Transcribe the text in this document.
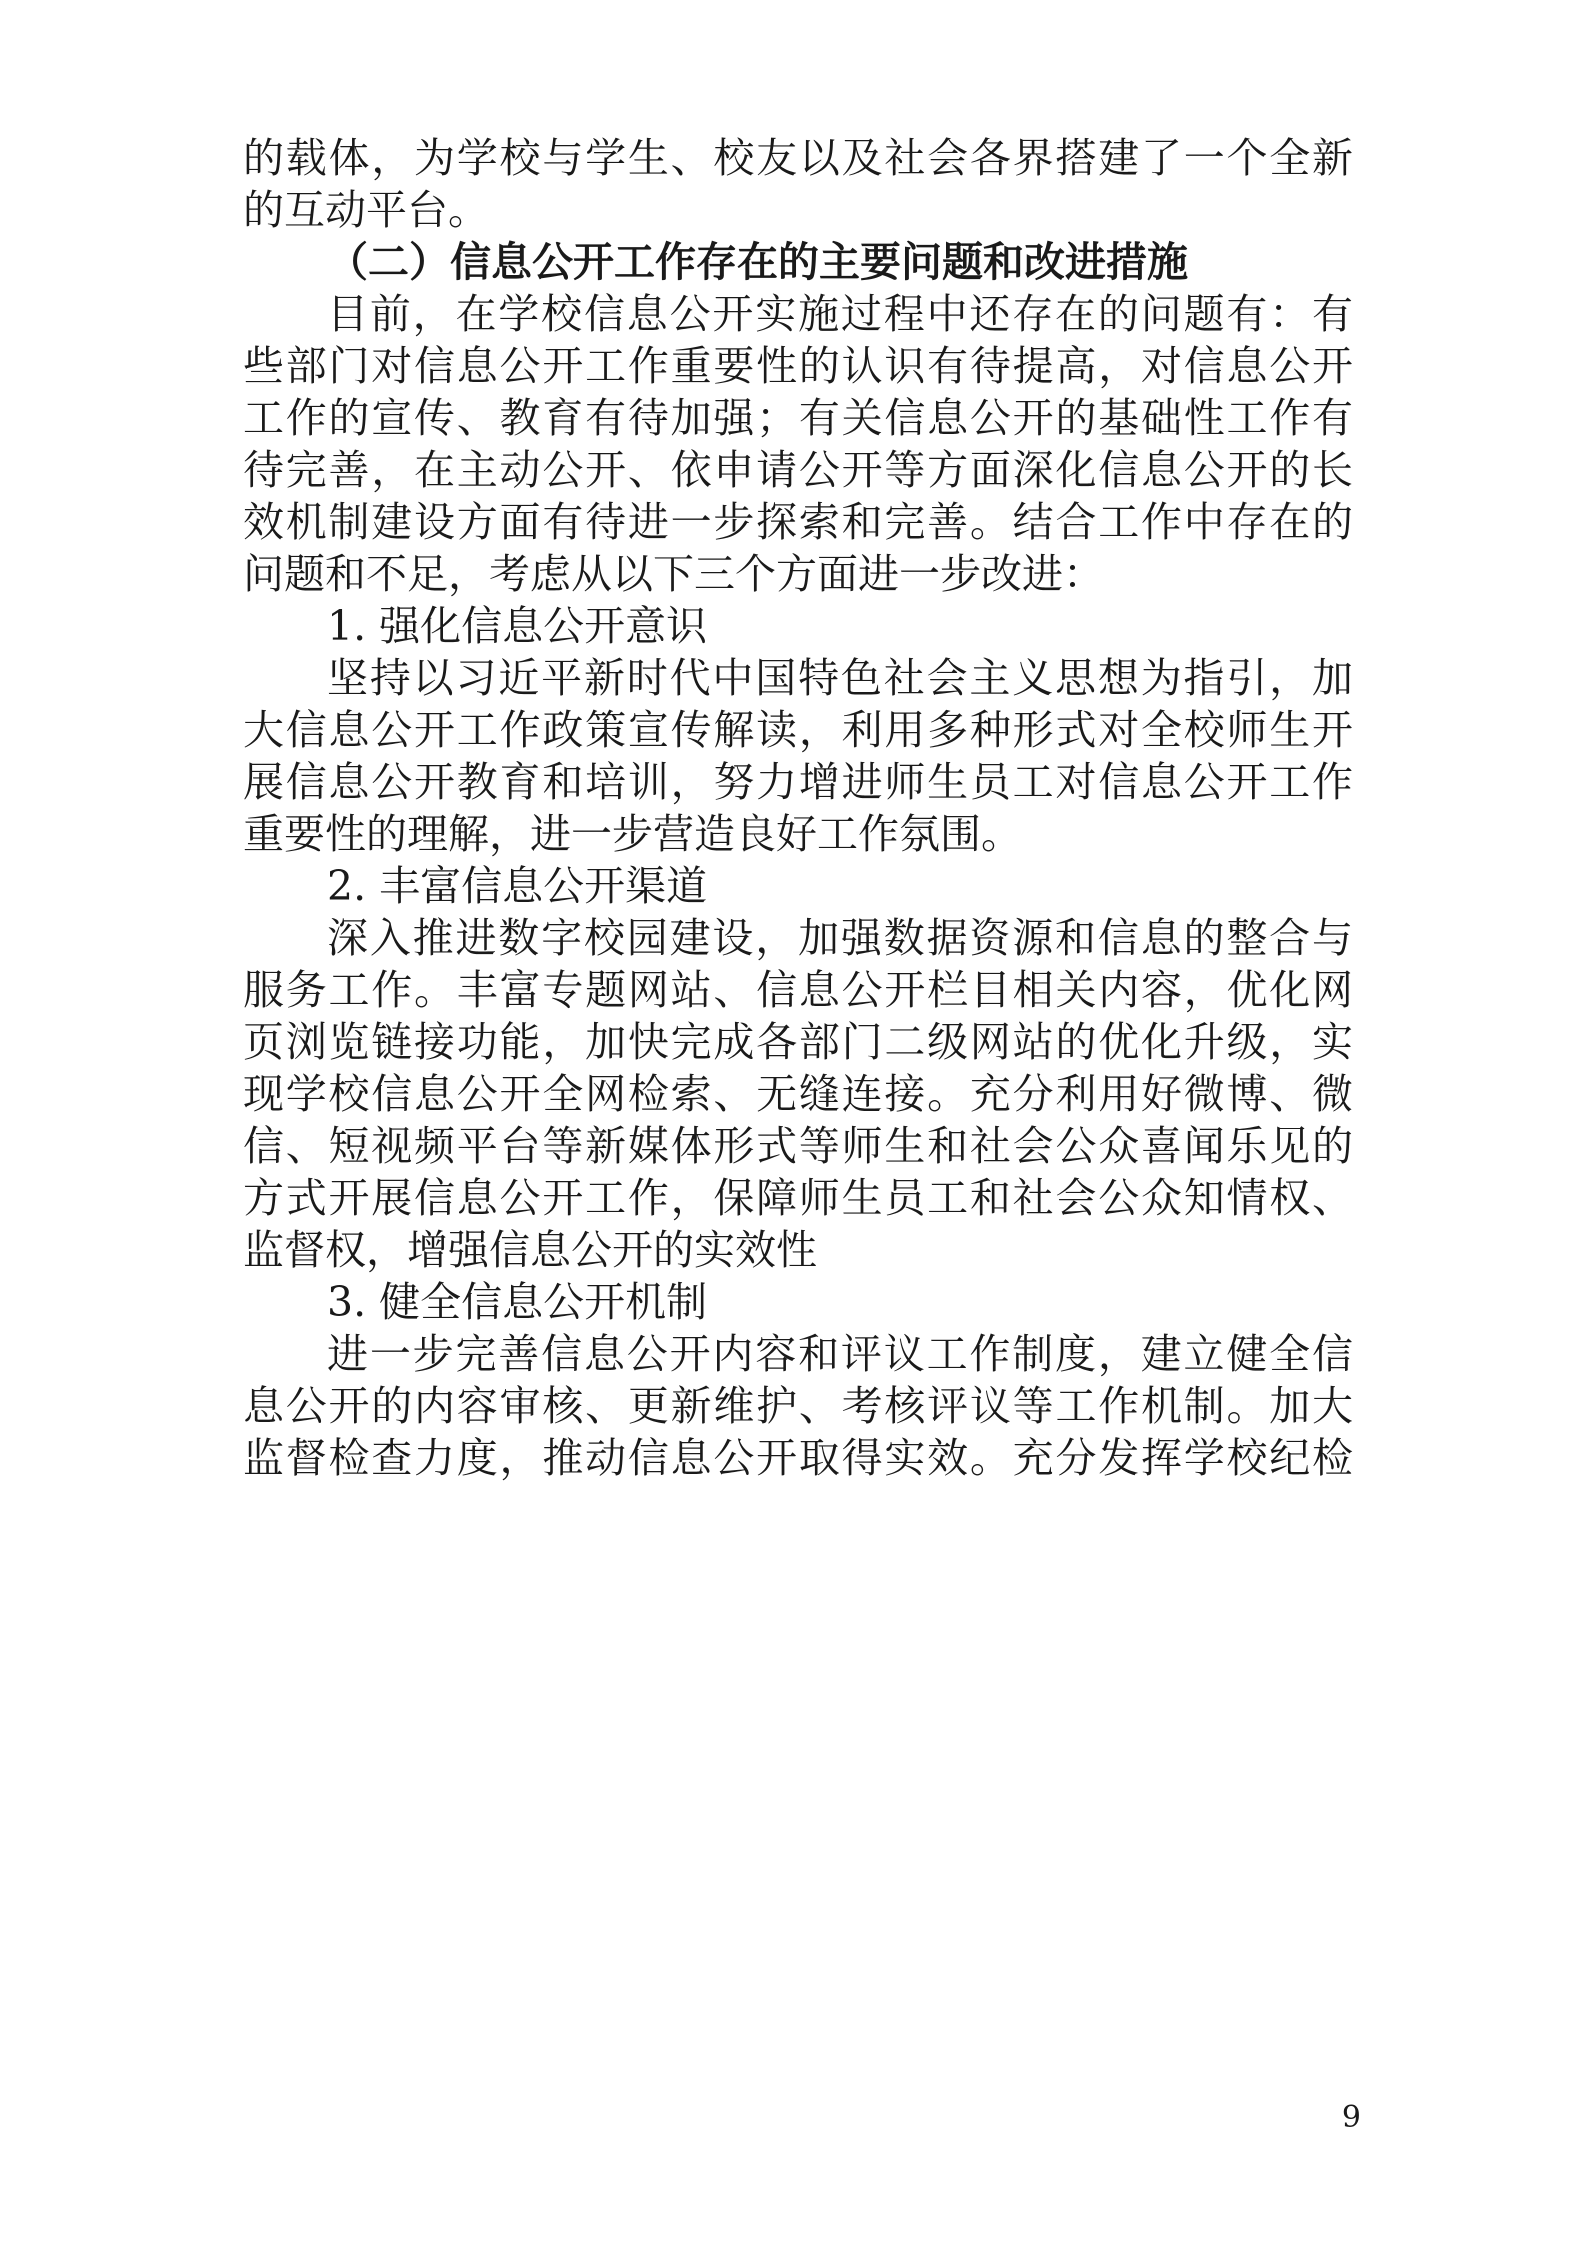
的载体，为学校与学生、校友以及社会各界搭建了一个全新
的互动平台。
（二）信息公开工作存在的主要问题和改进措施
目前，在学校信息公开实施过程中还存在的问题有：有
些部门对信息公开工作重要性的认识有待提高，对信息公开
工作的宣传、教育有待加强；有关信息公开的基础性工作有
待完善，在主动公开、依申请公开等方面深化信息公开的长
效机制建设方面有待进一步探索和完善。结合工作中存在的
问题和不足，考虑从以下三个方面进一步改进：
1. 强化信息公开意识
坚持以习近平新时代中国特色社会主义思想为指引，加
大信息公开工作政策宣传解读，利用多种形式对全校师生开
展信息公开教育和培训，努力增进师生员工对信息公开工作
重要性的理解，进一步营造良好工作氛围。
2. 丰富信息公开渠道
深入推进数字校园建设，加强数据资源和信息的整合与
服务工作。丰富专题网站、信息公开栏目相关内容，优化网
页浏览链接功能，加快完成各部门二级网站的优化升级，实
现学校信息公开全网检索、无缝连接。充分利用好微博、微
信、短视频平台等新媒体形式等师生和社会公众喜闻乐见的
方式开展信息公开工作，保障师生员工和社会公众知情权、
监督权，增强信息公开的实效性
3. 健全信息公开机制
进一步完善信息公开内容和评议工作制度，建立健全信
息公开的内容审核、更新维护、考核评议等工作机制。加大
监督检查力度，推动信息公开取得实效。充分发挥学校纪检
9
